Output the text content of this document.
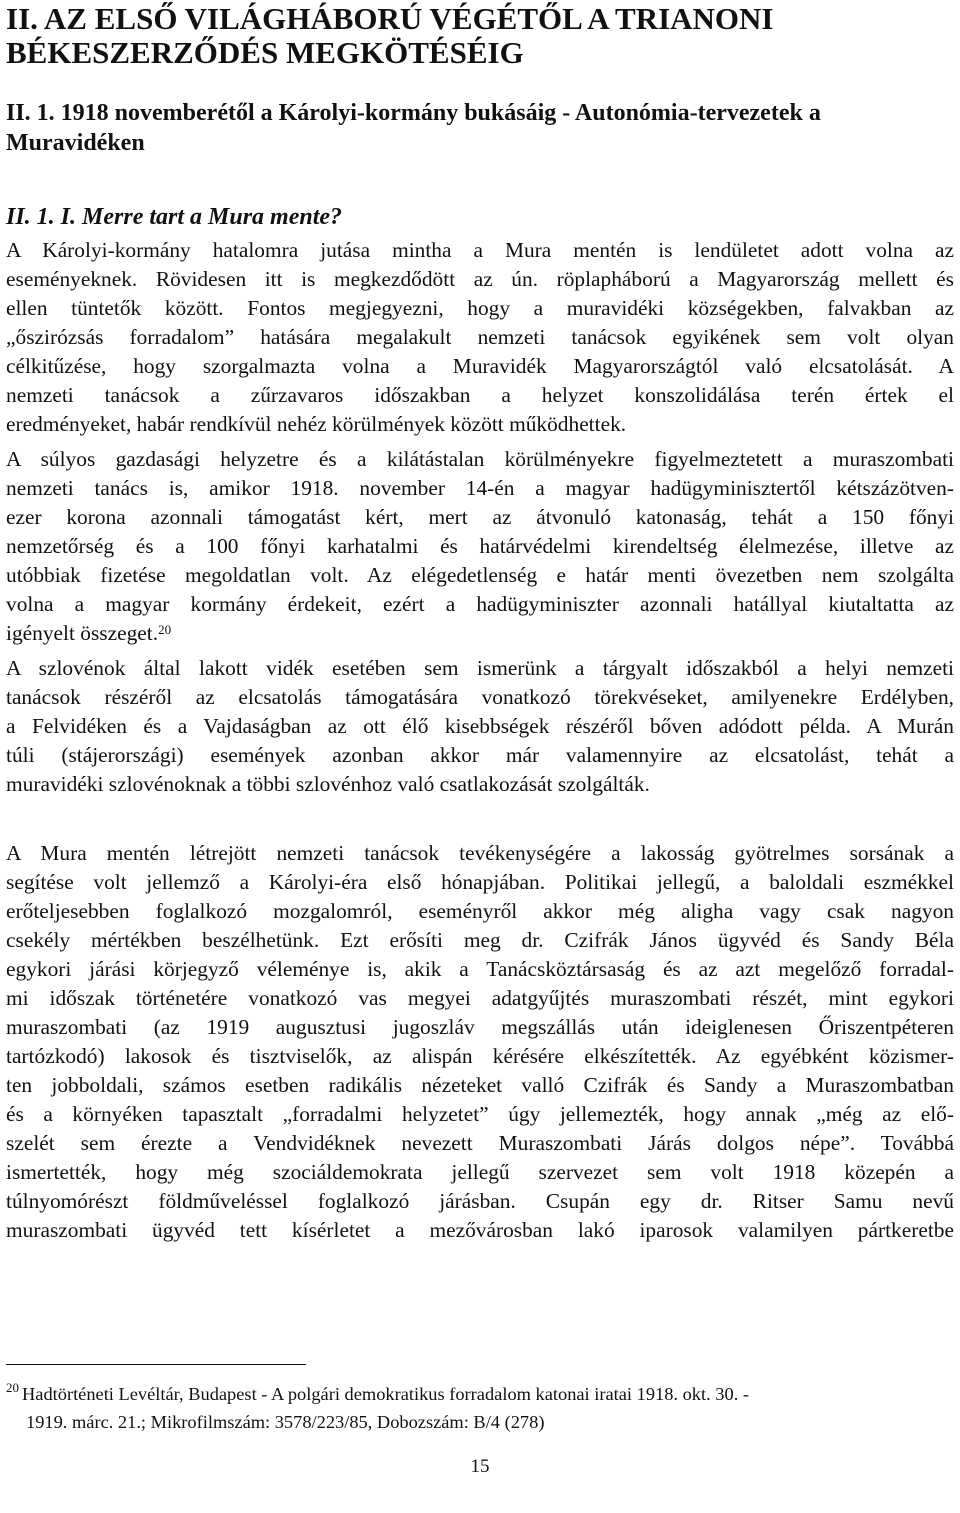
II. AZ ELSŐ VILÁGHÁBORÚ VÉGÉTŐL A TRIANONI
BÉKESZERZŐDÉS MEGKÖTÉSÉIG
II. 1. 1918 novemberétől a Károlyi-kormány bukásáig - Autonómia-tervezetek a
Muravidéken
II. 1. I. Merre tart a Mura mente?

A Károlyi-kormány hatalomra jutása mintha a Mura mentén is lendületet adott volna az
eseményeknek. Rövidesen itt is megkezdődött az ún. röplapháború a Magyarország mellett és
ellen tüntetők között. Fontos megjegyezni, hogy a muravidéki községekben, falvakban az
„őszirózsás forradalom” hatására megalakult nemzeti tanácsok egyikének sem volt olyan
célkitűzése, hogy szorgalmazta volna a Muravidék Magyarországtól való elcsatolását. A
nemzeti tanácsok a zűrzavaros időszakban a helyzet konszolidálása terén értek el
eredményeket, habár rendkívül nehéz körülmények között működhettek.

A súlyos gazdasági helyzetre és a kilátástalan körülményekre figyelmeztetett a muraszombati
nemzeti tanács is, amikor 1918. november 14-én a magyar hadügyminisztertől kétszázötven-
ezer korona azonnali támogatást kért, mert az átvonuló katonaság, tehát a 150 főnyi
nemzetőrség és a 100 főnyi karhatalmi és határvédelmi kirendeltség élelmezése, illetve az
utóbbiak fizetése megoldatlan volt. Az elégedetlenség e határ menti övezetben nem szolgálta
volna a magyar kormány érdekeit, ezért a hadügyminiszter azonnali hatállyal kiutaltatta az
igényelt összeget.$^{20}$

A szlovénok által lakott vidék esetében sem ismerünk a tárgyalt időszakból a helyi nemzeti
tanácsok részéről az elcsatolás támogatására vonatkozó törekvéseket, amilyenekre Erdélyben,
a Felvidéken és a Vajdaságban az ott élő kisebbségek részéről bőven adódott példa. A Murán
túli (stájerországi) események azonban akkor már valamennyire az elcsatolást, tehát a
muravidéki szlovénoknak a többi szlovénhoz való csatlakozását szolgálták.

A Mura mentén létrejött nemzeti tanácsok tevékenységére a lakosság gyötrelmes sorsának a
segítése volt jellemző a Károlyi-éra első hónapjában. Politikai jellegű, a baloldali eszmékkel
erőteljesebben foglalkozó mozgalomról, eseményről akkor még aligha vagy csak nagyon
csekély mértékben beszélhetünk. Ezt erősíti meg dr. Czifrák János ügyvéd és Sandy Béla
egykori járási körjegyző véleménye is, akik a Tanácsköztársaság és az azt megelőző forradal-
mi időszak történetére vonatkozó vas megyei adatgyűjtés muraszombati részét, mint egykori
muraszombati (az 1919 augusztusi jugoszláv megszállás után ideiglenesen Őriszentpéteren
tartózkodó) lakosok és tisztviselők, az alispán kérésére elkészítették. Az egyébként közismer-
ten jobboldali, számos esetben radikális nézeteket valló Czifrák és Sandy a Muraszombatban
és a környéken tapasztalt „forradalmi helyzetet” úgy jellemezték, hogy annak „még az elő-
szelét sem érezte a Vendvidéknek nevezett Muraszombati Járás dolgos népe”. Továbbá
ismertették, hogy még szociáldemokrata jellegű szervezet sem volt 1918 közepén a
túlnyomórészt földműveléssel foglalkozó járásban. Csupán egy dr. Ritser Samu nevű
muraszombati ügyvéd tett kísérletet a mezővárosban lakó iparosok valamilyen pártkeretbe

20 Hadtörténeti Levéltár, Budapest - A polgári demokratikus forradalom katonai iratai 1918. okt. 30. -
1919. márc. 21.; Mikrofilmszám: 3578/223/85, Dobozszám: B/4 (278)
15
